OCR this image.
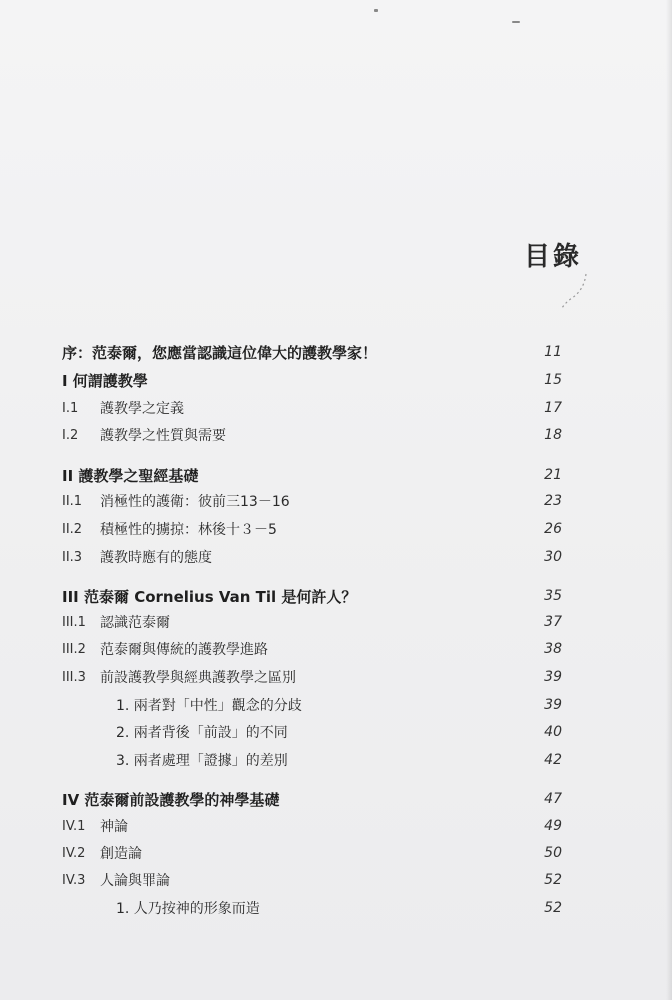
目錄
序：范泰爾，您應當認識這位偉大的護教學家！	11
I 何謂護教學	15
I.1	護教學之定義	17
I.2	護教學之性質與需要	18
II 護教學之聖經基礎	21
II.1	消極性的護衛：彼前三13－16	23
II.2	積極性的擄掠：林後十３－5	26
II.3	護教時應有的態度	30
III 范泰爾 Cornelius Van Til 是何許人？	35
III.1	認識范泰爾	37
III.2	范泰爾與傳統的護教學進路	38
III.3	前設護教學與經典護教學之區別	39
1. 兩者對「中性」觀念的分歧	39
2. 兩者背後「前設」的不同	40
3. 兩者處理「證據」的差別	42
IV 范泰爾前設護教學的神學基礎	47
IV.1	神論	49
IV.2	創造論	50
IV.3	人論與罪論	52
1. 人乃按神的形象而造	52
